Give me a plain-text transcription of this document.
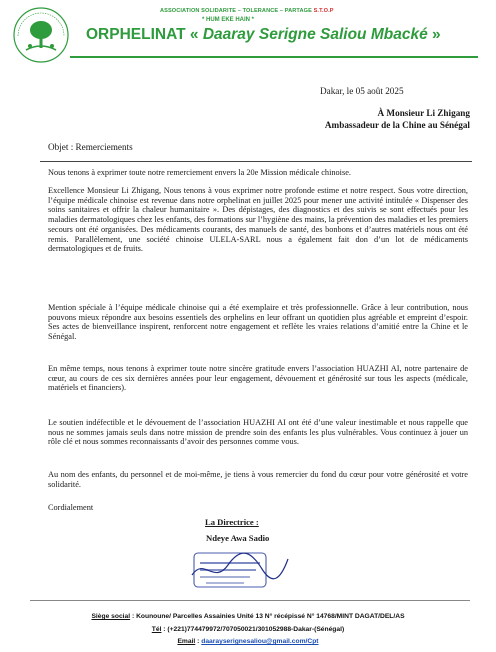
ASSOCIATION SOLIDARITE – TOLERANCE – PARTAGE S.T.O.P
* HUM EKE HAIN *
ORPHELINAT « Daaray Serigne Saliou Mbacké »
Dakar, le 05 août 2025
À Monsieur Li Zhigang
Ambassadeur de la Chine au Sénégal
Objet : Remerciements

Nous tenons à exprimer toute notre remerciement envers la 20e Mission médicale chinoise.

Excellence Monsieur Li Zhigang, Nous tenons à vous exprimer notre profonde estime et notre respect. Sous votre direction, l’équipe médicale chinoise est revenue dans notre orphelinat en juillet 2025 pour mener une activité intitulée « Dispenser des soins sanitaires et offrir la chaleur humanitaire ». Des dépistages, des diagnostics et des suivis se sont effectués pour les maladies dermatologiques chez les enfants, des formations sur l’hygiène des mains, la prévention des maladies et les premiers secours ont été organisées. Des médicaments courants, des manuels de santé, des bonbons et d’autres matériels nous ont été remis. Parallèlement, une société chinoise ULELA-SARL nous a également fait don d’un lot de médicaments dermatologiques et de fruits.

Mention spéciale à l’équipe médicale chinoise qui a été exemplaire et très professionnelle. Grâce à leur contribution, nous pouvons mieux répondre aux besoins essentiels des orphelins en leur offrant un quotidien plus agréable et empreint d’espoir. Ses actes de bienveillance inspirent, renforcent notre engagement et reflète les vraies relations d’amitié entre la Chine et le Sénégal.

En même temps, nous tenons à exprimer toute notre sincère gratitude envers l’association HUAZHI AI, notre partenaire de cœur, au cours de ces six dernières années pour leur engagement, dévouement et générosité sur tous les aspects (médicale, matériels et financiers).

Le soutien indéfectible et le dévouement de l’association HUAZHI AI ont été d’une valeur inestimable et nous rappelle que nous ne sommes jamais seuls dans notre mission de prendre soin des enfants les plus vulnérables. Vous continuez à jouer un rôle clé et nous sommes reconnaissants d’avoir des personnes comme vous.

Au nom des enfants, du personnel et de moi-même, je tiens à vous remercier du fond du cœur pour votre générosité et votre solidarité.

Cordialement
La Directrice :
Ndeye Awa Sadio
Siège social : Kounoune/ Parcelles Assainies Unité 13 N° récépissé N° 14768/MINT DAGAT/DEL/AS
Tél : (+221)774479972/707050021/301052988-Dakar-(Sénégal)
Email : daarayserignesaliou@gmail.com/Cpt
